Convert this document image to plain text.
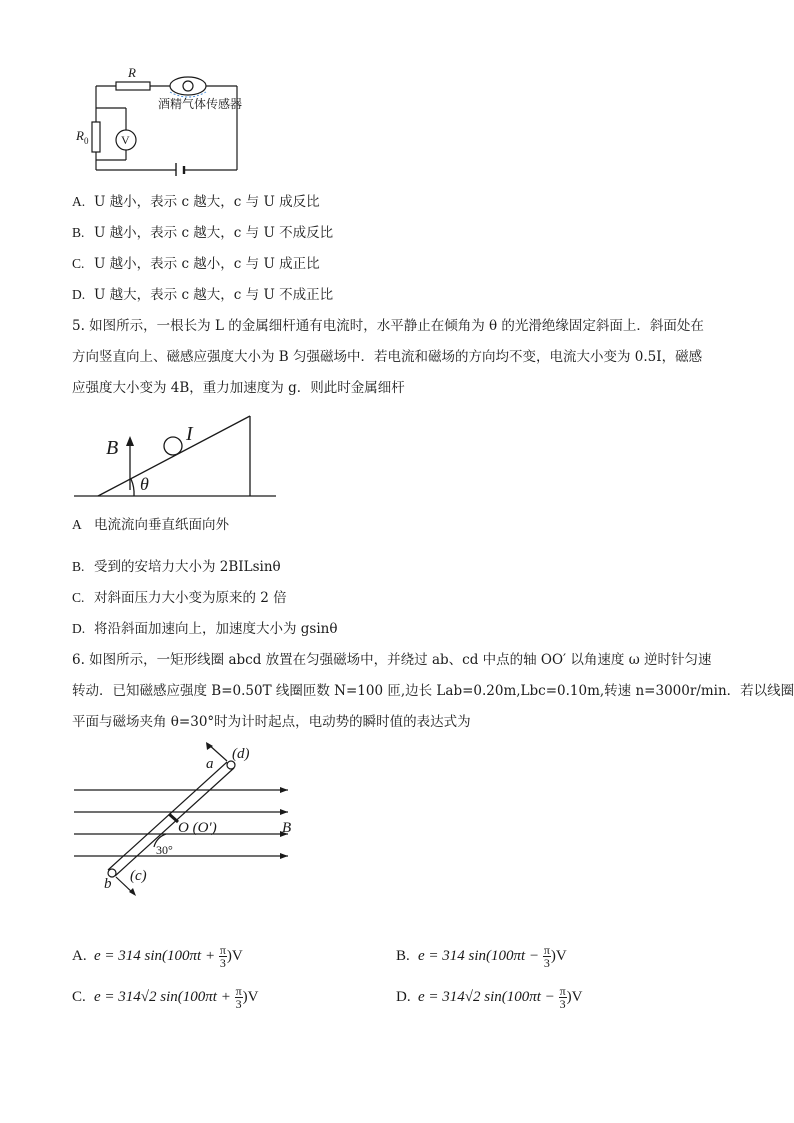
R
酒精气体传感器
R 0	V
A. U 越小，表示 c 越大，c 与 U 成反比
B. U 越小，表示 c 越大，c 与 U 不成反比
C. U 越小，表示 c 越小，c 与 U 成正比
D. U 越大，表示 c 越大，c 与 U 不成正比
5. 如图所示，一根长为 L 的金属细杆通有电流时，水平静止在倾角为 θ 的光滑绝缘固定斜面上．斜面处在
方向竖直向上、磁感应强度大小为 B 匀强磁场中．若电流和磁场的方向均不变，电流大小变为 0.5I，磁感
应强度大小变为 4B，重力加速度为 g．则此时金属细杆
B
I
θ
A 电流流向垂直纸面向外
B. 受到的安培力大小为 2BILsinθ
C. 对斜面压力大小变为原来的 2 倍
D. 将沿斜面加速向上，加速度大小为 gsinθ
6. 如图所示，一矩形线圈 abcd 放置在匀强磁场中，并绕过 ab、cd 中点的轴 OO′ 以角速度 ω 逆时针匀速
转动．已知磁感应强度 B=0.50T 线圈匝数 N=100 匝,边长 Lab=0.20m,Lbc=0.10m,转速 n=3000r/min．若以线圈
平面与磁场夹角 θ=30°时为计时起点，电动势的瞬时值的表达式为
a
(d)
O (O′)	B
30°
b (c)
A. e = 314 $\sin(100\pi t + \frac{\pi}{3} )V$	B. e = 314 $\sin(100\pi t - \frac{\pi}{3} )V$
C. e = 314√2 $\sin(100\pi t + \frac{\pi}{3} )V$	D. e = 314√2 $\sin(100\pi t - \frac{\pi}{3} )V$
